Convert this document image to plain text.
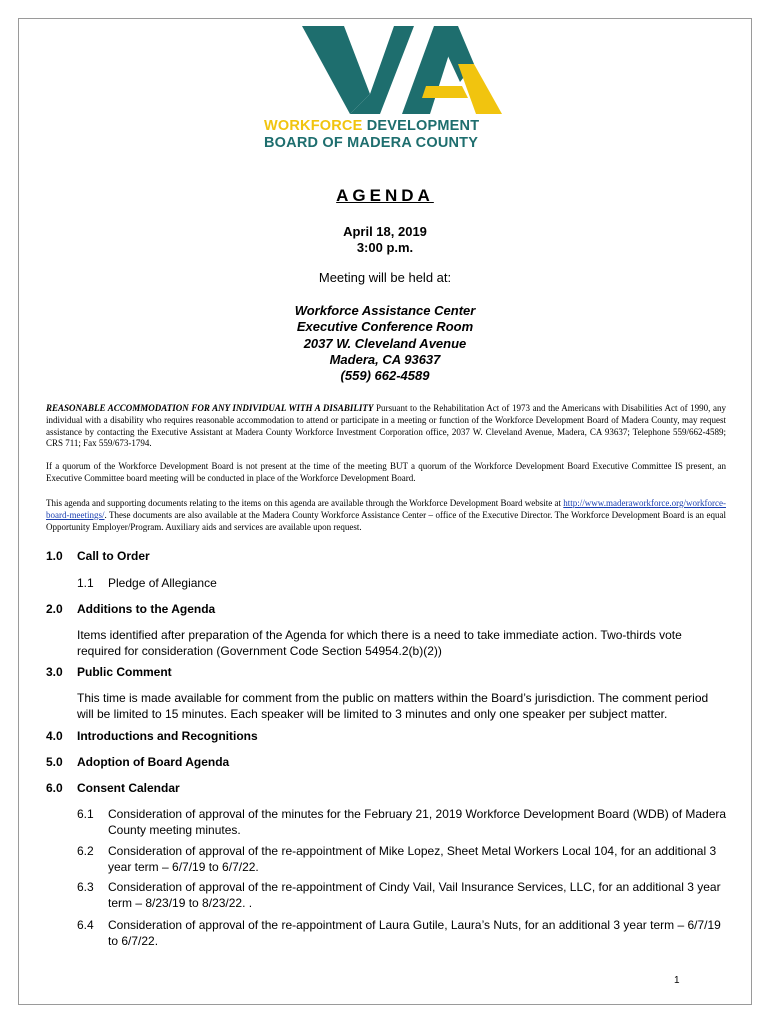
WORKFORCE DEVELOPMENT
BOARD OF MADERA COUNTY
AGENDA
April 18, 2019
3:00 p.m.
Meeting will be held at:
Workforce Assistance Center
Executive Conference Room
2037 W. Cleveland Avenue
Madera, CA 93637
(559) 662-4589
REASONABLE ACCOMMODATION FOR ANY INDIVIDUAL WITH A DISABILITY Pursuant to the Rehabilitation Act of 1973 and the Americans with Disabilities Act of 1990, any individual with a disability who requires reasonable accommodation to attend or participate in a meeting or function of the Workforce Development Board of Madera County, may request assistance by contacting the Executive Assistant at Madera County Workforce Investment Corporation office, 2037 W. Cleveland Avenue, Madera, CA 93637; Telephone 559/662-4589; CRS 711; Fax 559/673-1794.
If a quorum of the Workforce Development Board is not present at the time of the meeting BUT a quorum of the Workforce Development Board Executive Committee IS present, an Executive Committee board meeting will be conducted in place of the Workforce Development Board.
This agenda and supporting documents relating to the items on this agenda are available through the Workforce Development Board website at http://www.maderaworkforce.org/workforce-board-meetings/. These documents are also available at the Madera County Workforce Assistance Center – office of the Executive Director. The Workforce Development Board is an equal Opportunity Employer/Program. Auxiliary aids and services are available upon request.
1.0 Call to Order
1.1 Pledge of Allegiance
2.0 Additions to the Agenda
Items identified after preparation of the Agenda for which there is a need to take immediate action. Two-thirds vote required for consideration (Government Code Section 54954.2(b)(2))
3.0 Public Comment
This time is made available for comment from the public on matters within the Board’s jurisdiction. The comment period will be limited to 15 minutes. Each speaker will be limited to 3 minutes and only one speaker per subject matter.
4.0 Introductions and Recognitions
5.0 Adoption of Board Agenda
6.0 Consent Calendar
6.1 Consideration of approval of the minutes for the February 21, 2019 Workforce Development Board (WDB) of Madera County meeting minutes.
6.2 Consideration of approval of the re-appointment of Mike Lopez, Sheet Metal Workers Local 104, for an additional 3 year term – 6/7/19 to 6/7/22.
6.3 Consideration of approval of the re-appointment of Cindy Vail, Vail Insurance Services, LLC, for an additional 3 year term – 8/23/19 to 8/23/22. .
6.4 Consideration of approval of the re-appointment of Laura Gutile, Laura’s Nuts, for an additional 3 year term – 6/7/19 to 6/7/22.
1
